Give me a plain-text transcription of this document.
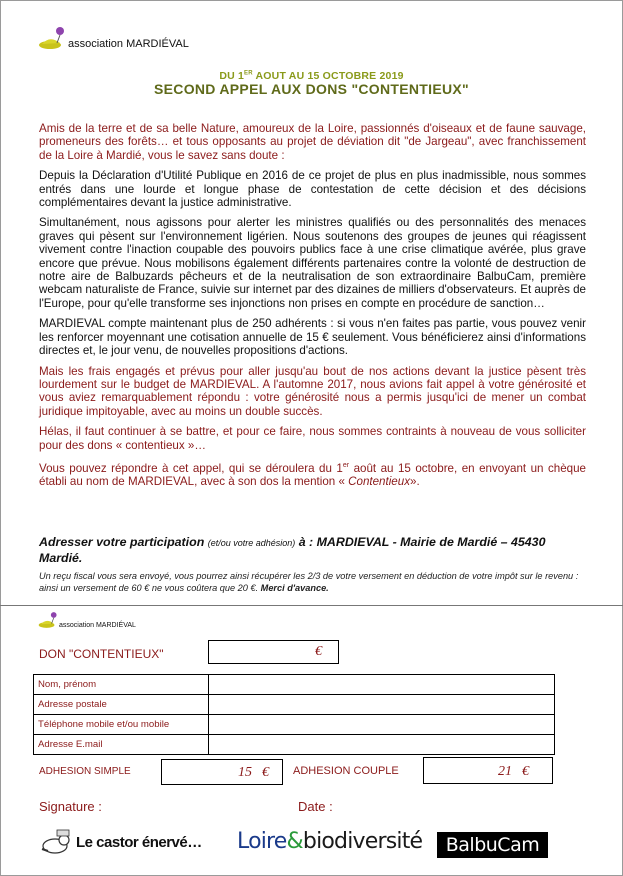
association MARDIÉVAL
DU 1ER AOUT AU 15 OCTOBRE 2019
SECOND APPEL AUX DONS "CONTENTIEUX"

Amis de la terre et de sa belle Nature, amoureux de la Loire, passionnés d'oiseaux et de faune sauvage, promeneurs des forêts… et tous opposants au projet de déviation dit "de Jargeau", avec franchissement de la Loire à Mardié, vous le savez sans doute :

Depuis la Déclaration d'Utilité Publique en 2016 de ce projet de plus en plus inadmissible, nous sommes entrés dans une lourde et longue phase de contestation de cette décision et des décisions complémentaires devant la justice administrative.

Simultanément, nous agissons pour alerter les ministres qualifiés ou des personnalités des menaces graves qui pèsent sur l'environnement ligérien. Nous soutenons des groupes de jeunes qui réagissent vivement contre l'inaction coupable des pouvoirs publics face à une crise climatique avérée, plus grave encore que prévue. Nous mobilisons également différents partenaires contre la volonté de destruction de notre aire de Balbuzards pêcheurs et de la neutralisation de son extraordinaire BalbuCam, première webcam naturaliste de France, suivie sur internet par des dizaines de milliers d'observateurs. Et auprès de l'Europe, pour qu'elle transforme ses injonctions non prises en compte en procédure de sanction…

MARDIEVAL compte maintenant plus de 250 adhérents : si vous n'en faites pas partie, vous pouvez venir les renforcer moyennant une cotisation annuelle de 15 € seulement. Vous bénéficierez ainsi d'informations directes et, le jour venu, de nouvelles propositions d'actions.

Mais les frais engagés et prévus pour aller jusqu'au bout de nos actions devant la justice pèsent très lourdement sur le budget de MARDIEVAL. A l'automne 2017, nous avions fait appel à votre générosité et vous aviez remarquablement répondu : votre générosité nous a permis jusqu'ici de mener un combat juridique impitoyable, avec au moins un double succès.

Hélas, il faut continuer à se battre, et pour ce faire, nous sommes contraints à nouveau de vous solliciter pour des dons « contentieux »…

Vous pouvez répondre à cet appel, qui se déroulera du 1er août au 15 octobre, en envoyant un chèque établi au nom de MARDIEVAL, avec à son dos la mention « Contentieux».

Adresser votre participation (et/ou votre adhésion) à : MARDIEVAL - Mairie de Mardié – 45430 Mardié.
Un reçu fiscal vous sera envoyé, vous pourrez ainsi récupérer les 2/3 de votre versement en déduction de votre impôt sur le revenu : ainsi un versement de 60 € ne vous coûtera que 20 €. Merci d'avance.
association MARDIÉVAL
DON "CONTENTIEUX"	€
Nom, prénom	
Adresse postale	
Téléphone mobile et/ou mobile	
Adresse E.mail	
ADHESION SIMPLE	15 € ADHESION COUPLE	21 €
Signature :	Date :
Le castor énervé… Loire&biodiversité	BalbuCam
